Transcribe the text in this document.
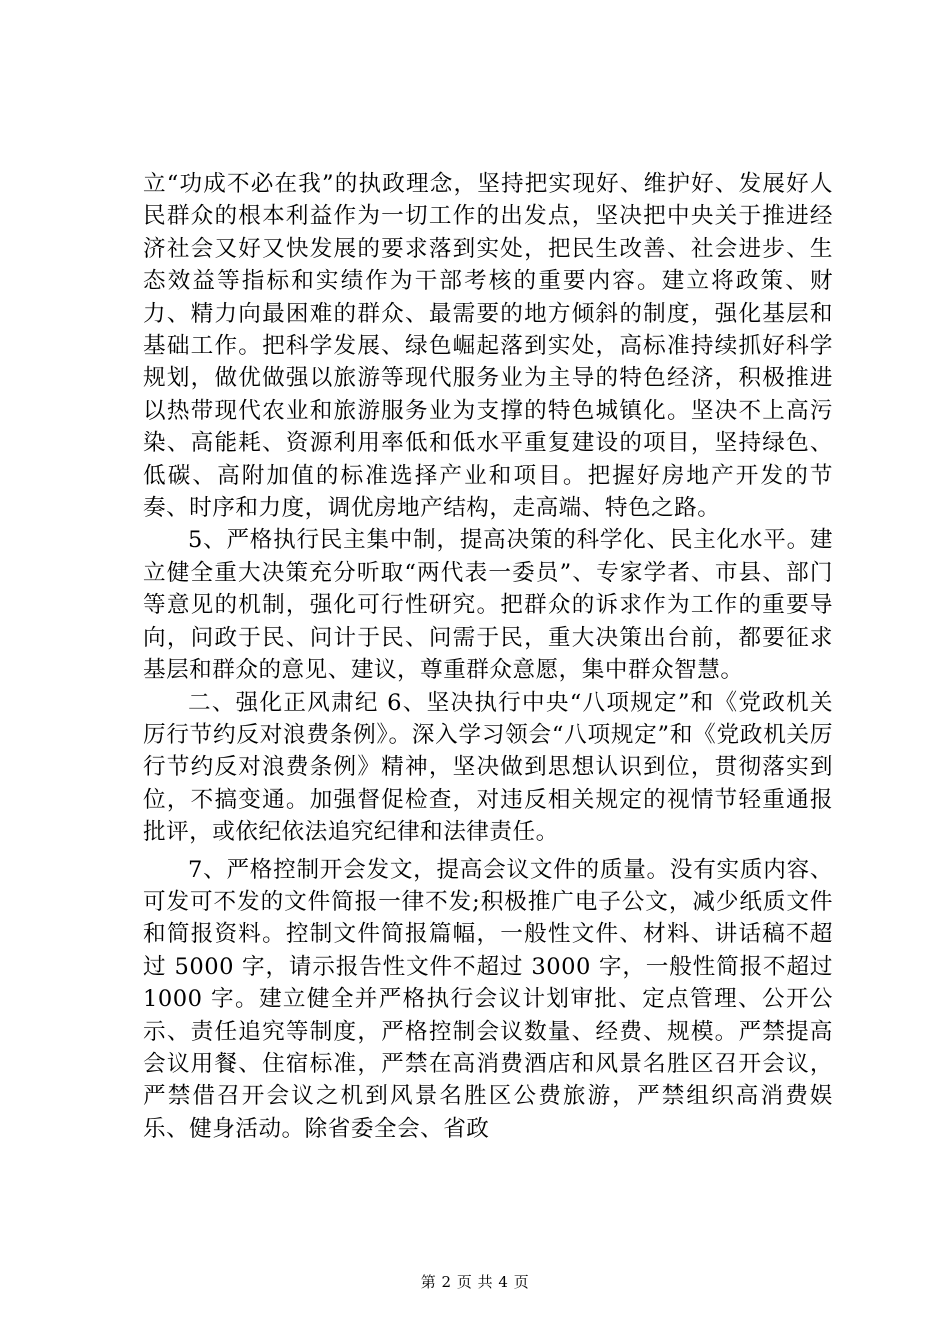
立“功成不必在我”的执政理念，坚持把实现好、维护好、发展好人民群众的根本利益作为一切工作的出发点，坚决把中央关于推进经济社会又好又快发展的要求落到实处，把民生改善、社会进步、生态效益等指标和实绩作为干部考核的重要内容。建立将政策、财力、精力向最困难的群众、最需要的地方倾斜的制度，强化基层和基础工作。把科学发展、绿色崛起落到实处，高标准持续抓好科学规划，做优做强以旅游等现代服务业为主导的特色经济，积极推进以热带现代农业和旅游服务业为支撑的特色城镇化。坚决不上高污染、高能耗、资源利用率低和低水平重复建设的项目，坚持绿色、低碳、高附加值的标准选择产业和项目。把握好房地产开发的节奏、时序和力度，调优房地产结构，走高端、特色之路。

5、严格执行民主集中制，提高决策的科学化、民主化水平。建立健全重大决策充分听取“两代表一委员”、专家学者、市县、部门等意见的机制，强化可行性研究。把群众的诉求作为工作的重要导向，问政于民、问计于民、问需于民，重大决策出台前，都要征求基层和群众的意见、建议，尊重群众意愿，集中群众智慧。

二、强化正风肃纪 6、坚决执行中央“八项规定”和《党政机关厉行节约反对浪费条例》。深入学习领会“八项规定”和《党政机关厉行节约反对浪费条例》精神，坚决做到思想认识到位，贯彻落实到位，不搞变通。加强督促检查，对违反相关规定的视情节轻重通报批评，或依纪依法追究纪律和法律责任。

7、严格控制开会发文，提高会议文件的质量。没有实质内容、可发可不发的文件简报一律不发;积极推广电子公文，减少纸质文件和简报资料。控制文件简报篇幅，一般性文件、材料、讲话稿不超过 5000 字，请示报告性文件不超过 3000 字，一般性简报不超过 1000 字。建立健全并严格执行会议计划审批、定点管理、公开公示、责任追究等制度，严格控制会议数量、经费、规模。严禁提高会议用餐、住宿标准，严禁在高消费酒店和风景名胜区召开会议，严禁借召开会议之机到风景名胜区公费旅游，严禁组织高消费娱乐、健身活动。除省委全会、省政

第 2 页 共 4 页
